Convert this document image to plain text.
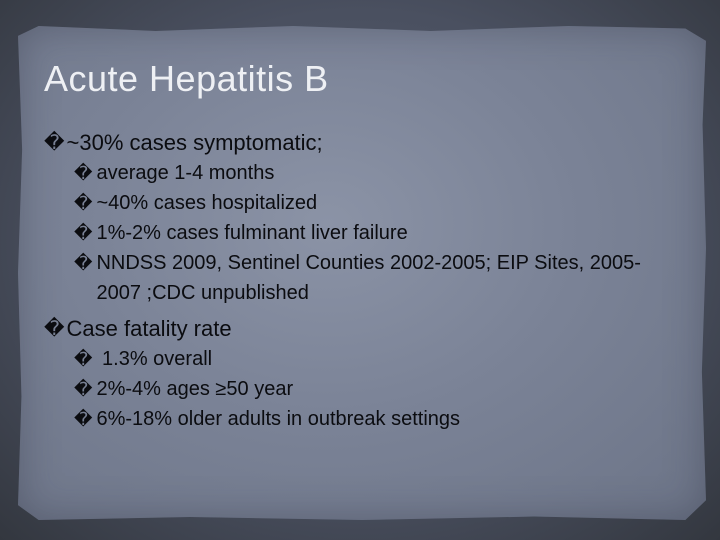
Acute Hepatitis B
� ~30% cases symptomatic;
� average 1-4 months
� ~40% cases hospitalized
� 1%-2% cases fulminant liver failure
� NNDSS 2009, Sentinel Counties 2002-2005; EIP Sites, 2005-2007 ;CDC unpublished
� Case fatality rate
� 1.3% overall
� 2%-4% ages ≥50 year
� 6%-18% older adults in outbreak settings
